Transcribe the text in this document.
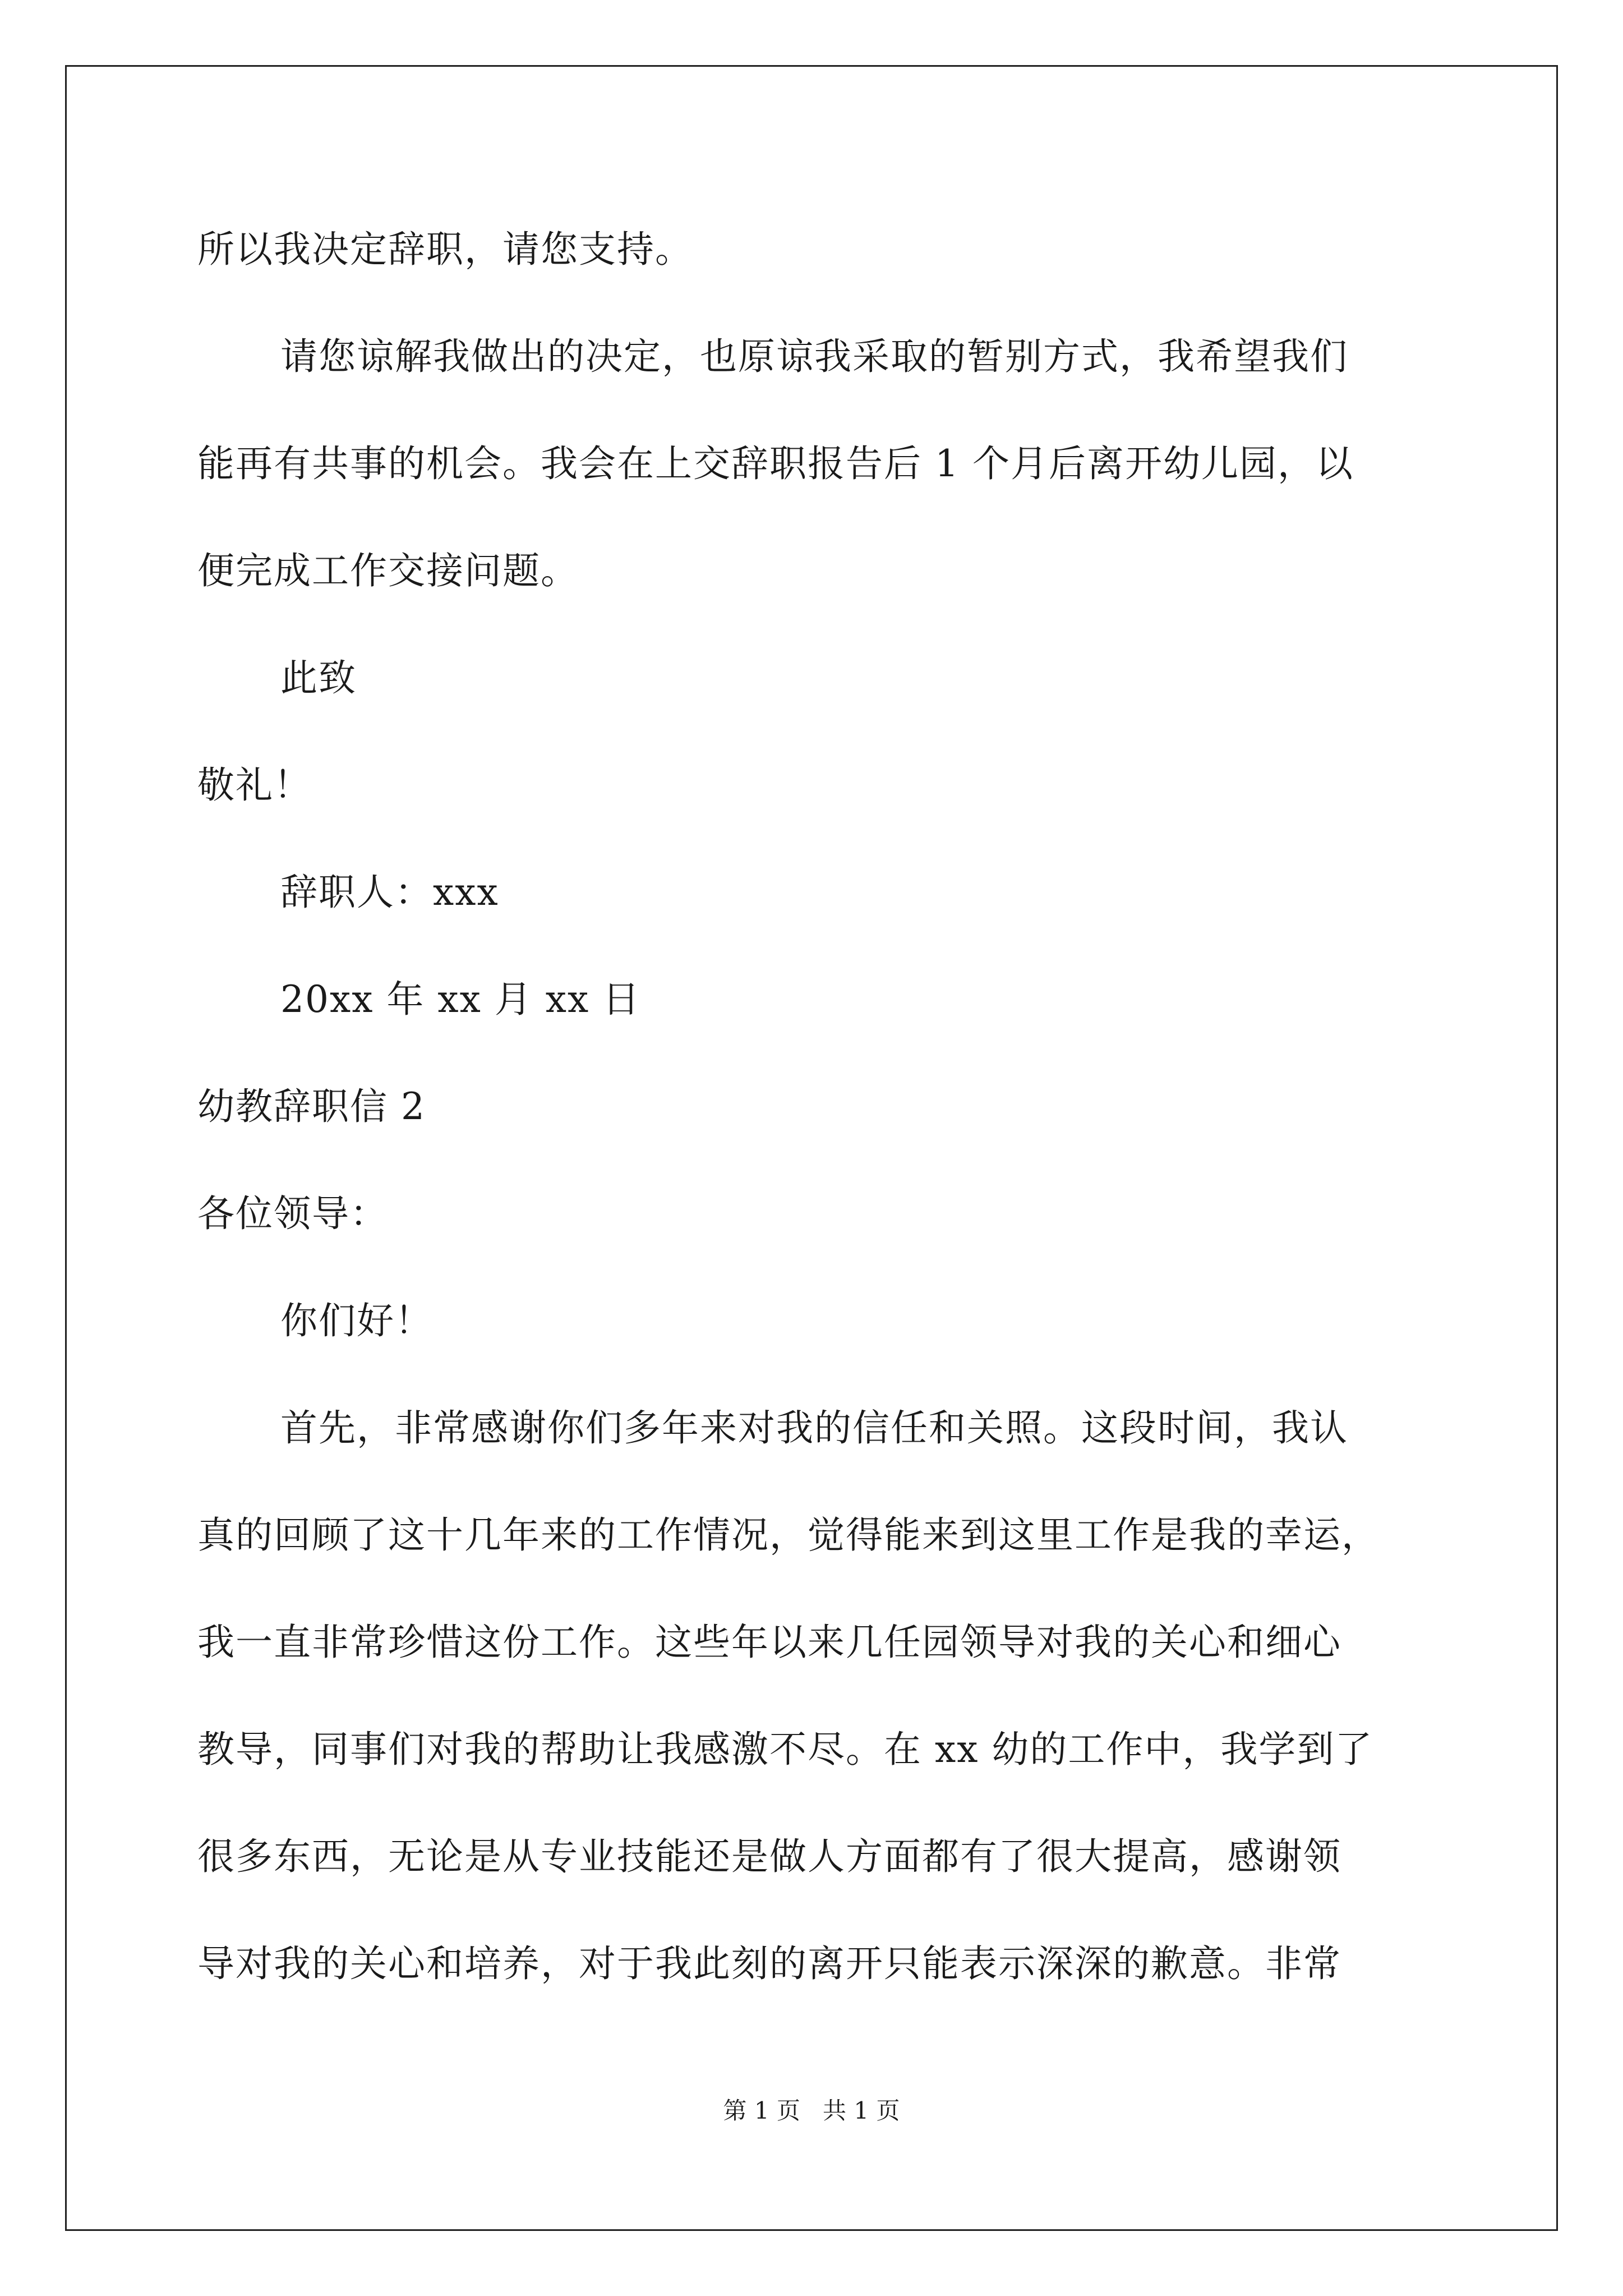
所以我决定辞职，请您支持。
请您谅解我做出的决定，也原谅我采取的暂别方式，我希望我们
能再有共事的机会。我会在上交辞职报告后 1 个月后离开幼儿园，以
便完成工作交接问题。
此致
敬礼！
辞职人：xxx
20xx 年 xx 月 xx 日
幼教辞职信 2
各位领导：
你们好！
首先，非常感谢你们多年来对我的信任和关照。这段时间，我认
真的回顾了这十几年来的工作情况，觉得能来到这里工作是我的幸运，
我一直非常珍惜这份工作。这些年以来几任园领导对我的关心和细心
教导，同事们对我的帮助让我感激不尽。在 xx 幼的工作中，我学到了
很多东西，无论是从专业技能还是做人方面都有了很大提高，感谢领
导对我的关心和培养，对于我此刻的离开只能表示深深的歉意。非常
第 1 页   共 1 页
